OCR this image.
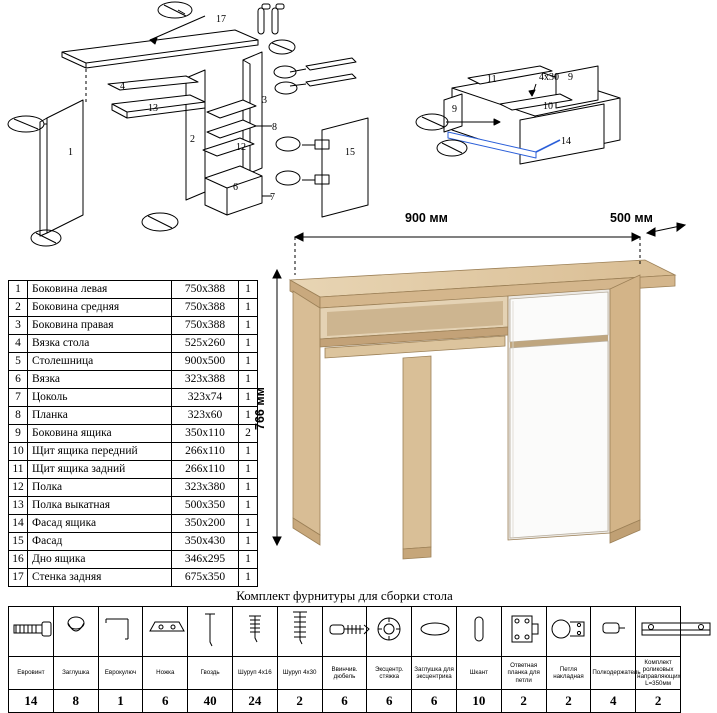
17
3
2
1
4
13
8
12
6
7
15
11	9
9	10
14
4x30
1	Боковина левая	750x388	1
2	Боковина средняя	750x388	1
3	Боковина правая	750x388	1
4	Вязка стола	525x260	1
5	Столешница	900x500	1
6	Вязка	323x388	1
7	Цоколь	323x74	1
8	Планка	323x60	1
9	Боковина ящика	350x110	2
10	Щит ящика передний	266x110	1
11	Щит ящика задний	266x110	1
12	Полка	323x380	1
13	Полка выкатная	500x350	1
14	Фасад ящика	350x200	1
15	Фасад	350x430	1
16	Дно ящика	346x295	1
17	Стенка задняя	675x350	1
900 мм	500 мм
766 мм
Комплект фурнитуры для сборки стола

Евровинт	Заглушка	Еврокулюч	Ножка	Гвоздь	Шуруп 4х16	Шуруп 4х30	Ввинчив. дюбель	Эксцентр. стяжка	Заглушка для эксцентрика	Шкант	Ответная планка для петли	Петля накладная	Полкодержатель	Комплект роликовых направляющих L=350мм
14	8	1	6	40	24	2	6	6	6	10	2	2	4	2
